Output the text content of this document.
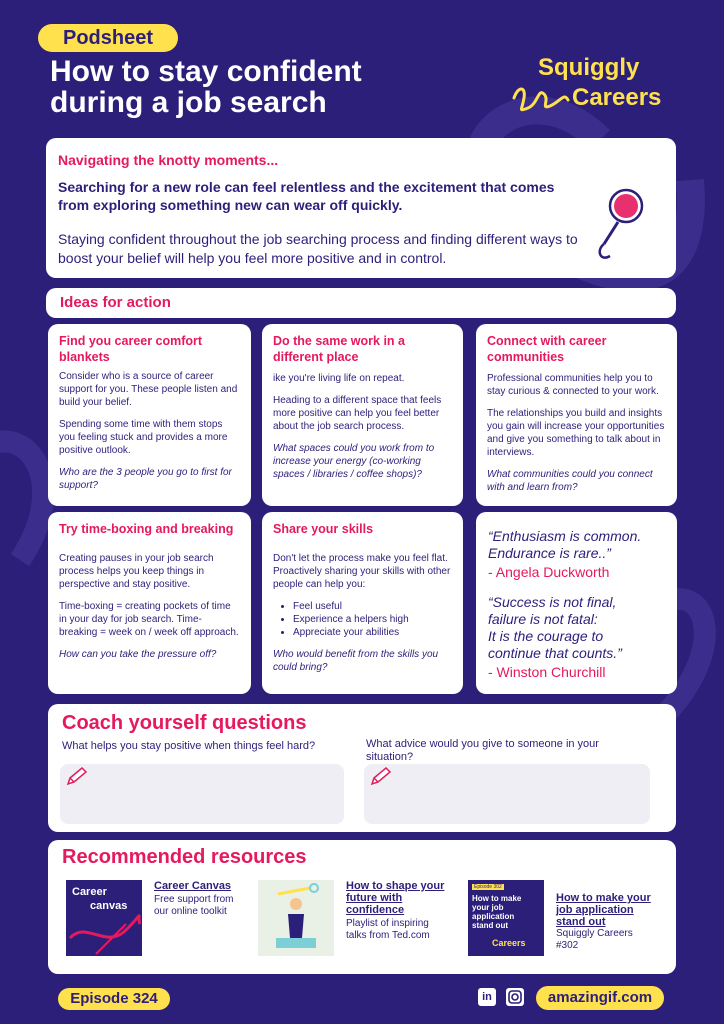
Podsheet
How to stay confident
during a job search
Squiggly
Careers
Navigating the knotty moments...
Searching for a new role can feel relentless and the excitement that comes from exploring something new can wear off quickly.
Staying confident throughout the job searching process and finding different ways to boost your belief will help you feel more positive and in control.
Ideas for action
Find you career comfort blankets

Consider who is a source of career support for you. These people listen and build your belief.

Spending some time with them stops you feeling stuck and provides a more positive outlook.

Who are the 3 people you go to first for support?

Do the same work in a different place

ike you're living life on repeat.

Heading to a different space that feels more positive can help you feel better about the job search process.

What spaces could you work from to increase your energy (co-working spaces / libraries / coffee shops)?

Connect with career communities

Professional communities help you to stay curious & connected to your work.

The relationships you build and insights you gain will increase your opportunities and give you something to talk about in interviews.

What communities could you connect with and learn from?

Try time-boxing and breaking

Creating pauses in your job search process helps you keep things in perspective and stay positive.

Time-boxing = creating pockets of time in your day for job search. Time-breaking = week on / week off approach.

How can you take the pressure off?

Share your skills

Don't let the process make you feel flat. Proactively sharing your skills with other people can help you:

• Feel useful
• Experience a helpers high
• Appreciate your abilities

Who would benefit from the skills you could bring?

“Enthusiasm is common.
Endurance is rare..”
- Angela Duckworth
“Success is not final,
failure is not fatal:
It is the courage to
continue that counts.”
- Winston Churchill
Coach yourself questions
What helps you stay positive when things feel hard?	What advice would you give to someone in your situation?
Recommended resources
Career
canvas
Career Canvas
Free support from our online toolkit
How to shape your future with confidence
Playlist of inspiring talks from Ted.com
Episode 302
How to make
your job
application
stand out
Careers
How to make your job application stand out
Squiggly Careers #302
Episode 324	in	amazingif.com
